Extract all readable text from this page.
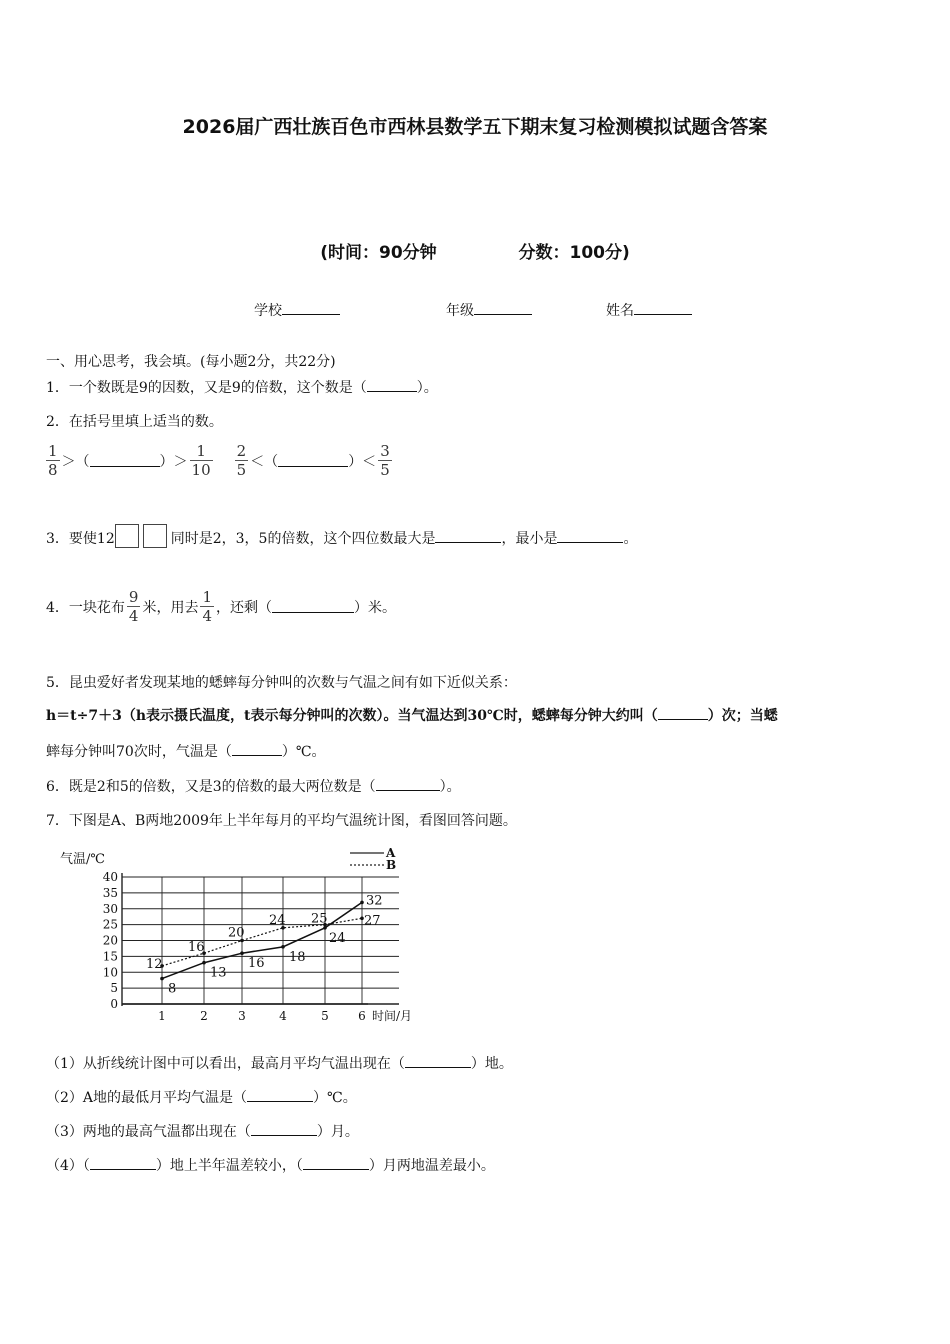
2026届广西壮族百色市西林县数学五下期末复习检测模拟试题含答案
(时间：90分钟	分数：100分)
学校	年级	姓名
一、用心思考，我会填。(每小题2分，共22分)
1．一个数既是9的因数，又是9的倍数，这个数是（	）。
2．在括号里填上适当的数。
$\frac{1}{8}$ ＞（	）＞ $\frac{1}{10} \frac{2}{5}$ ＜（	）＜ $\frac{3}{5}$
3．要使12	同时是2，3，5的倍数，这个四位数最大是	，最小是	。
4．一块花布 $\frac{9}{4}$ 米，用去 $\frac{1}{4}$ ，还剩（	）米。
5．昆虫爱好者发现某地的蟋蟀每分钟叫的次数与气温之间有如下近似关系：
h＝t÷7＋3（h表示摄氏温度，t表示每分钟叫的次数）。当气温达到30℃时，蟋蟀每分钟大约叫（	）次；当蟋
蟀每分钟叫70次时，气温是（	）℃。
6．既是2和5的倍数，又是3的倍数的最大两位数是（	）。
7．下图是A、B两地2009年上半年每月的平均气温统计图，看图回答问题。
0
5
10
15
20
25
30
35
40
1	2	3	4	5 6
气温/℃
时间/月
A
B
8
13
16 18
24
32
12
16
20
24 25	27
（1）从折线统计图中可以看出，最高月平均气温出现在（	）地。
（2）A地的最低月平均气温是（	）℃。
（3）两地的最高气温都出现在（	）月。
（4）（	）地上半年温差较小，（	）月两地温差最小。
